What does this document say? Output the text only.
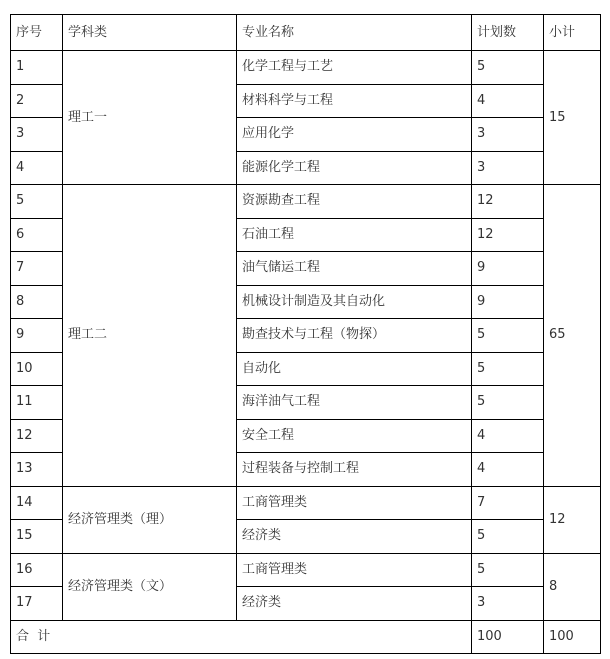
序号	学科类	专业名称	计划数	小计
1	理工一	化学工程与工艺	5	15
2		材料科学与工程	4	
3		应用化学	3	
4		能源化学工程	3	
5	理工二	资源勘查工程	12	65
6		石油工程	12	
7		油气储运工程	9	
8		机械设计制造及其自动化	9	
9		勘查技术与工程（物探）	5	
10		自动化	5	
11		海洋油气工程	5	
12		安全工程	4	
13		过程装备与控制工程	4	
14	经济管理类（理）	工商管理类	7	12
15		经济类	5	
16	经济管理类（文）	工商管理类	5	8
17		经济类	3	
合  计			100	100
